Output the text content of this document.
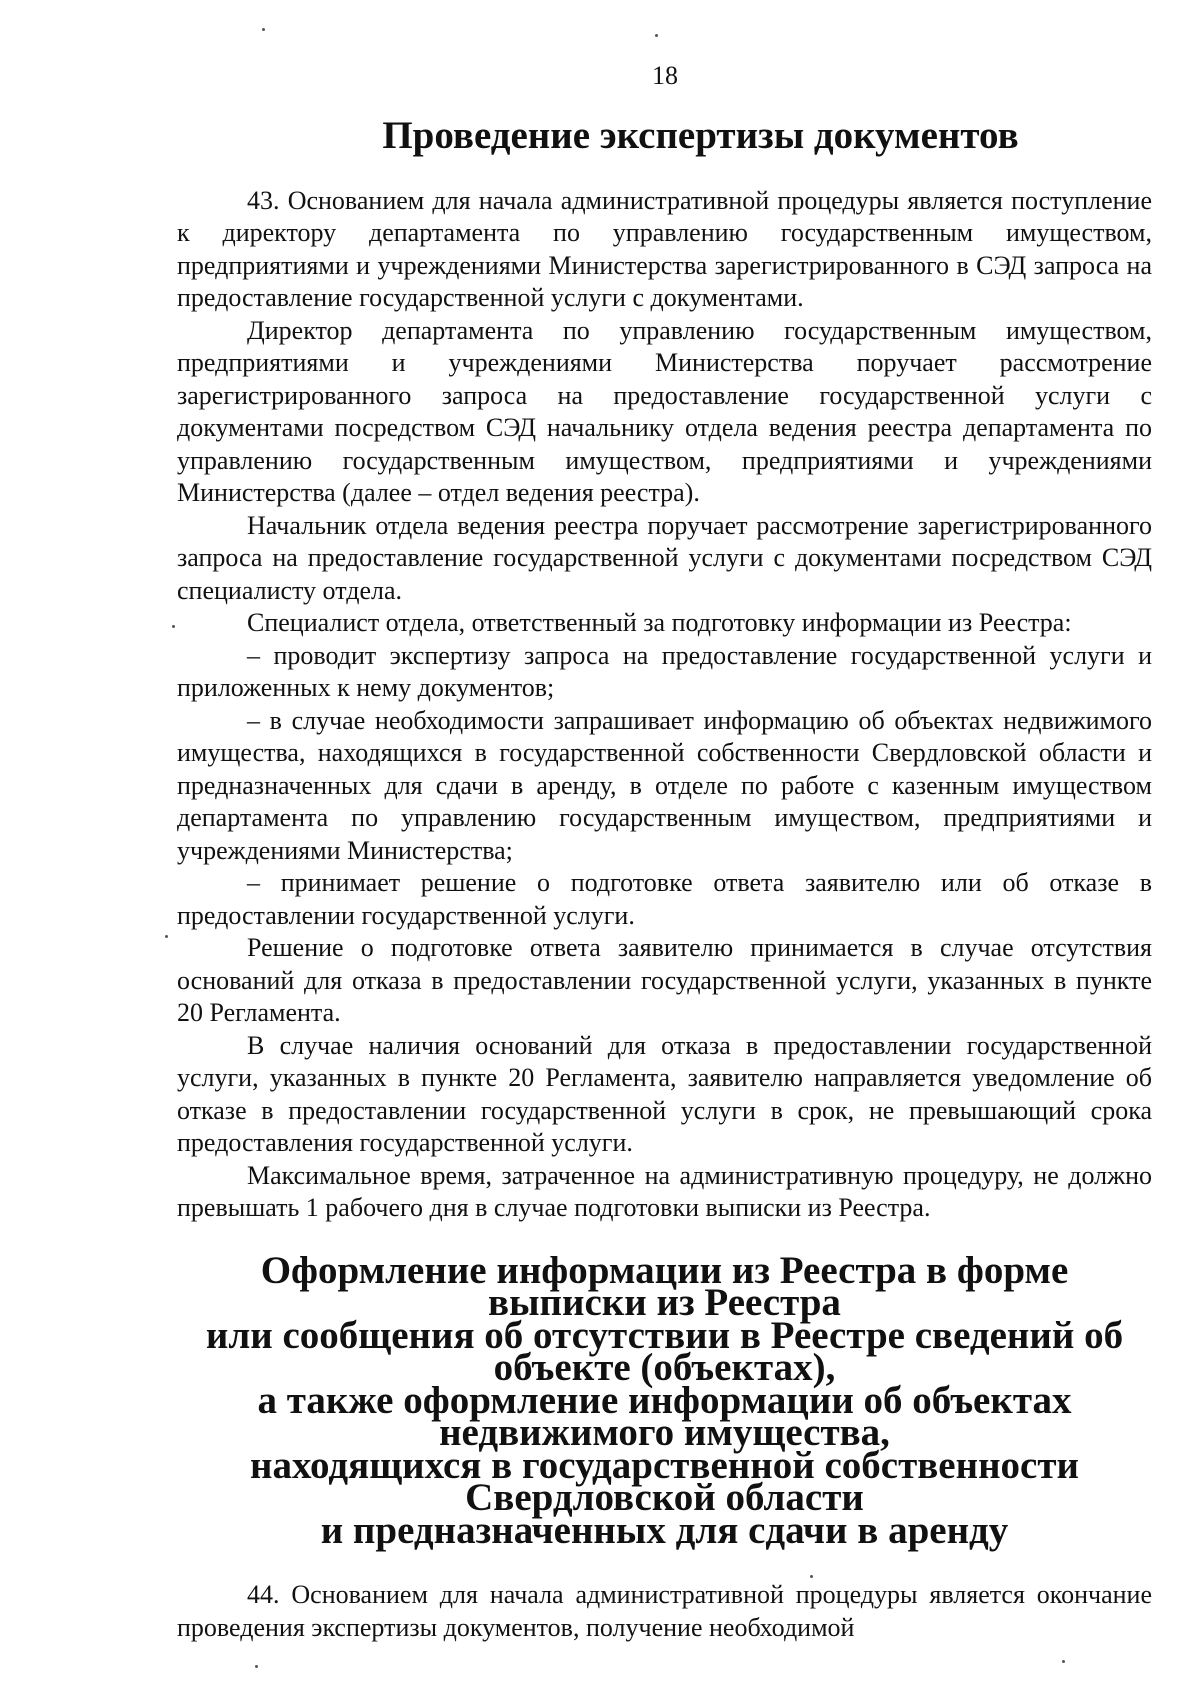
18
Проведение экспертизы документов

43. Основанием для начала административной процедуры является поступление к директору департамента по управлению государственным имуществом, предприятиями и учреждениями Министерства зарегистрированного в СЭД запроса на предоставление государственной услуги с документами.

Директор департамента по управлению государственным имуществом, предприятиями и учреждениями Министерства поручает рассмотрение зарегистрированного запроса на предоставление государственной услуги с документами посредством СЭД начальнику отдела ведения реестра департамента по управлению государственным имуществом, предприятиями и учреждениями Министерства (далее – отдел ведения реестра).

Начальник отдела ведения реестра поручает рассмотрение зарегистрированного запроса на предоставление государственной услуги с документами посредством СЭД специалисту отдела.

Специалист отдела, ответственный за подготовку информации из Реестра:

– проводит экспертизу запроса на предоставление государственной услуги и приложенных к нему документов;

– в случае необходимости запрашивает информацию об объектах недвижимого имущества, находящихся в государственной собственности Свердловской области и предназначенных для сдачи в аренду, в отделе по работе с казенным имуществом департамента по управлению государственным имуществом, предприятиями и учреждениями Министерства;

– принимает решение о подготовке ответа заявителю или об отказе в предоставлении государственной услуги.

Решение о подготовке ответа заявителю принимается в случае отсутствия оснований для отказа в предоставлении государственной услуги, указанных в пункте 20 Регламента.

В случае наличия оснований для отказа в предоставлении государственной услуги, указанных в пункте 20 Регламента, заявителю направляется уведомление об отказе в предоставлении государственной услуги в срок, не превышающий срока предоставления государственной услуги.

Максимальное время, затраченное на административную процедуру, не должно превышать 1 рабочего дня в случае подготовки выписки из Реестра.

Оформление информации из Реестра в форме выписки из Реестра
или сообщения об отсутствии в Реестре сведений об объекте (объектах),
а также оформление информации об объектах недвижимого имущества,
находящихся в государственной собственности Свердловской области
и предназначенных для сдачи в аренду

44. Основанием для начала административной процедуры является окончание проведения экспертизы документов, получение необходимой
